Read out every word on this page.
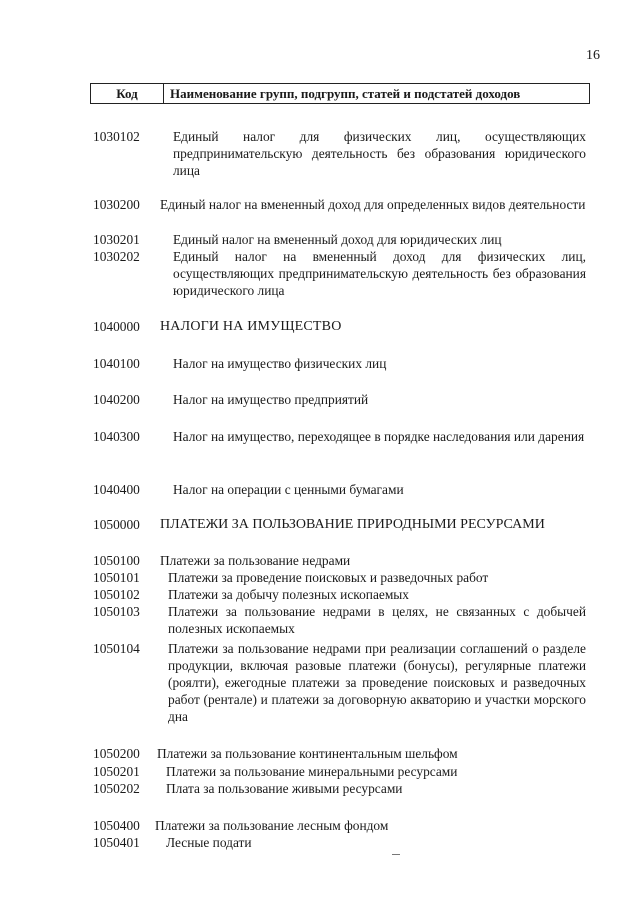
16
Код	Наименование групп, подгрупп, статей и подстатей доходов
1030102 Единый налог для физических лиц, осуществляющих предпринимательскую деятельность без образования юридического лица
1030200 Единый налог на вмененный доход для определенных видов деятельности
1030201 Единый налог на вмененный доход для юридических лиц
1030202 Единый налог на вмененный доход для физических лиц, осуществляющих предпринимательскую деятельность без образования юридического лица
1040000 НАЛОГИ НА ИМУЩЕСТВО
1040100 Налог на имущество физических лиц
1040200 Налог на имущество предприятий
1040300 Налог на имущество, переходящее в порядке наследования или дарения
1040400 Налог на операции с ценными бумагами
1050000 ПЛАТЕЖИ ЗА ПОЛЬЗОВАНИЕ ПРИРОДНЫМИ РЕСУРСАМИ
1050100 Платежи за пользование недрами
1050101 Платежи за проведение поисковых и разведочных работ
1050102 Платежи за добычу полезных ископаемых
1050103 Платежи за пользование недрами в целях, не связанных с добычей полезных ископаемых
1050104 Платежи за пользование недрами при реализации соглашений о разделе продукции, включая разовые платежи (бонусы), регулярные платежи (роялти), ежегодные платежи за проведение поисковых и разведочных работ (рентале) и платежи за договорную акваторию и участки морского дна
1050200 Платежи за пользование континентальным шельфом
1050201 Платежи за пользование минеральными ресурсами
1050202 Плата за пользование живыми ресурсами
1050400 Платежи за пользование лесным фондом
1050401 Лесные подати
